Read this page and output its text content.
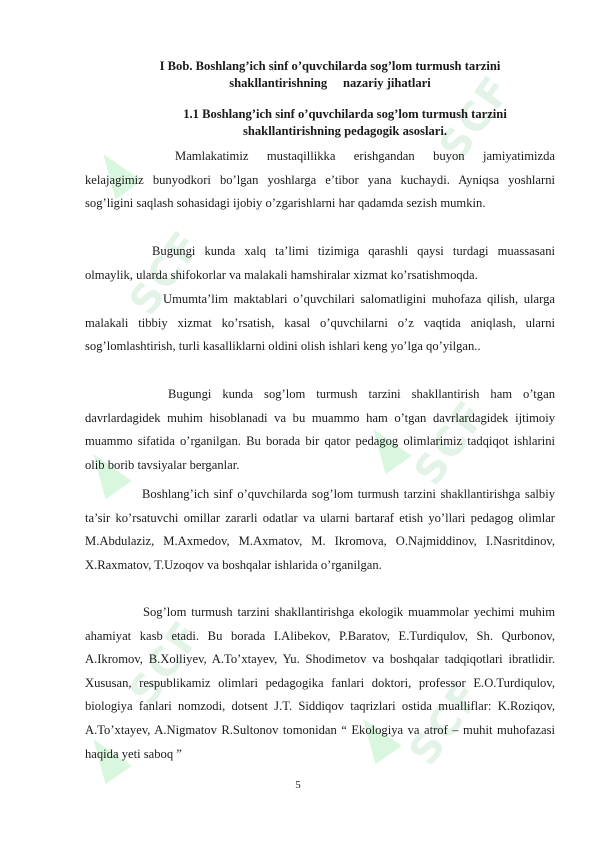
SCF
SCF
SCF
SCF
SCF
I Bob. Boshlang’ich sinf o’quvchilarda sog’lom turmush tarzini
shakllantirishning     nazariy jihatlari
1.1 Boshlang’ich sinf o’quvchilarda sog’lom turmush tarzini
shakllantirishning pedagogik asoslari.

Mamlakatimiz mustaqillikka erishgandan buyon jamiyatimizda kelajagimiz bunyodkori bo’lgan yoshlarga e’tibor yana kuchaydi. Ayniqsa yoshlarni sog’ligini saqlash sohasidagi ijobiy o’zgarishlarni har qadamda sezish mumkin.

Bugungi kunda xalq ta’limi tizimiga qarashli qaysi turdagi muassasani olmaylik, ularda shifokorlar va malakali hamshiralar xizmat ko’rsatishmoqda.

Umumta’lim maktablari o’quvchilari salomatligini muhofaza qilish, ularga malakali tibbiy xizmat ko’rsatish, kasal o’quvchilarni o’z vaqtida aniqlash, ularni sog’lomlashtirish, turli kasalliklarni oldini olish ishlari keng yo’lga qo’yilgan..

Bugungi kunda sog’lom turmush tarzini shakllantirish ham o’tgan davrlardagidek muhim hisoblanadi va bu muammo ham o’tgan davrlardagidek ijtimoiy muammo sifatida o’rganilgan. Bu borada bir qator pedagog olimlarimiz tadqiqot ishlarini olib borib tavsiyalar berganlar.

Boshlang’ich sinf o’quvchilarda sog’lom turmush tarzini shakllantirishga salbiy ta’sir ko’rsatuvchi omillar zararli odatlar va ularni bartaraf etish yo’llari pedagog olimlar M.Abdulaziz, M.Axmedov, M.Axmatov, M. Ikromova, O.Najmiddinov, I.Nasritdinov, X.Raxmatov, T.Uzoqov va boshqalar ishlarida o’rganilgan.

Sog’lom turmush tarzini shakllantirishga ekologik muammolar yechimi muhim ahamiyat kasb etadi. Bu borada I.Alibekov, P.Baratov, E.Turdiqulov, Sh. Qurbonov, A.Ikromov, B.Xolliyev, A.To’xtayev, Yu. Shodimetov va boshqalar tadqiqotlari ibratlidir. Xususan, respublikamiz olimlari pedagogika fanlari doktori, professor E.O.Turdiqulov, biologiya fanlari nomzodi, dotsent J.T. Siddiqov taqrizlari ostida mualliflar: K.Roziqov, A.To’xtayev, A.Nigmatov R.Sultonov tomonidan “ Ekologiya va atrof – muhit muhofazasi haqida yeti saboq ”

5
